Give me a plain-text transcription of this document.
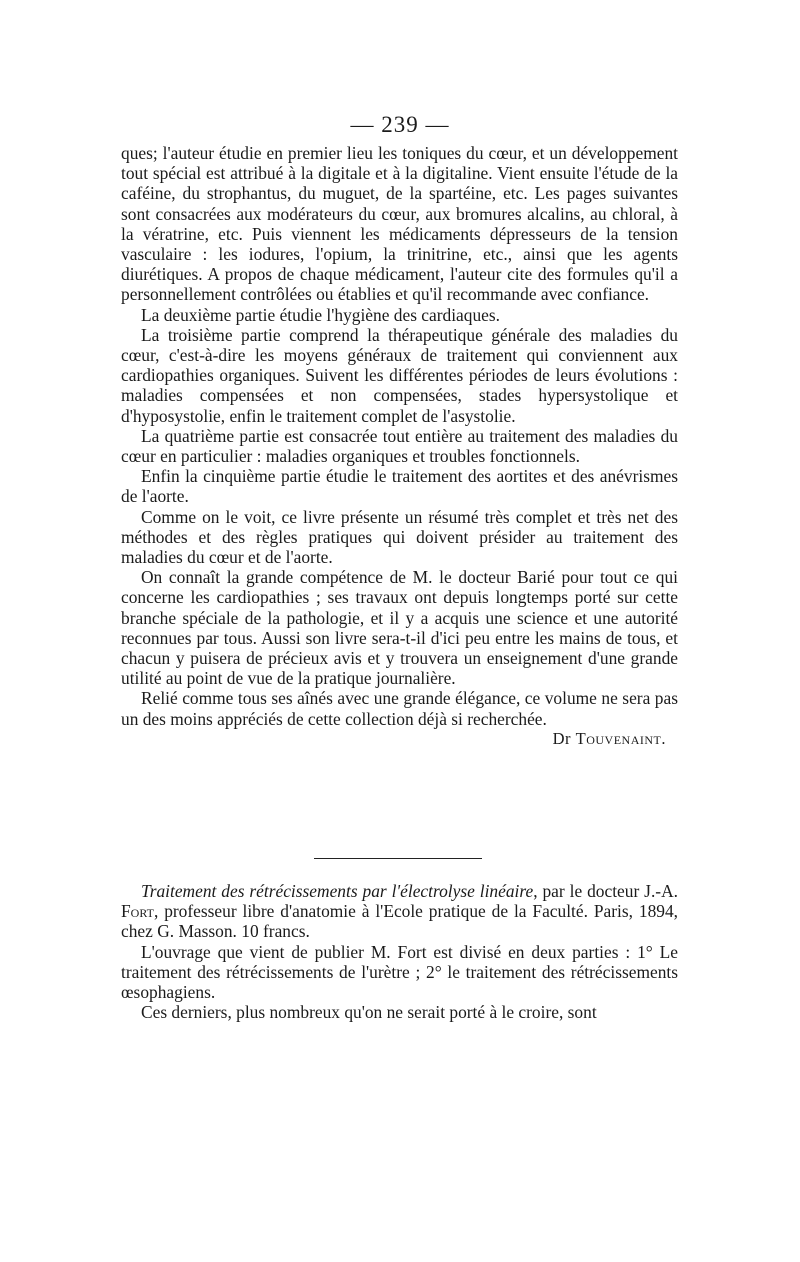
— 239 —

ques; l'auteur étudie en premier lieu les toniques du cœur, et un développement tout spécial est attribué à la digitale et à la digitaline. Vient ensuite l'étude de la caféine, du strophantus, du muguet, de la spartéine, etc. Les pages suivantes sont consacrées aux modérateurs du cœur, aux bromures alcalins, au chloral, à la vératrine, etc. Puis viennent les médicaments dépresseurs de la tension vasculaire : les iodures, l'opium, la trinitrine, etc., ainsi que les agents diurétiques. A propos de chaque médicament, l'auteur cite des formules qu'il a personnellement contrôlées ou établies et qu'il recommande avec confiance.

La deuxième partie étudie l'hygiène des cardiaques.

La troisième partie comprend la thérapeutique générale des maladies du cœur, c'est-à-dire les moyens généraux de traitement qui conviennent aux cardiopathies organiques. Suivent les différentes périodes de leurs évolutions : maladies compensées et non compensées, stades hypersystolique et d'hyposystolie, enfin le traitement complet de l'asystolie.

La quatrième partie est consacrée tout entière au traitement des maladies du cœur en particulier : maladies organiques et troubles fonctionnels.

Enfin la cinquième partie étudie le traitement des aortites et des anévrismes de l'aorte.

Comme on le voit, ce livre présente un résumé très complet et très net des méthodes et des règles pratiques qui doivent présider au traitement des maladies du cœur et de l'aorte.

On connaît la grande compétence de M. le docteur Barié pour tout ce qui concerne les cardiopathies ; ses travaux ont depuis longtemps porté sur cette branche spéciale de la pathologie, et il y a acquis une science et une autorité reconnues par tous. Aussi son livre sera-t-il d'ici peu entre les mains de tous, et chacun y puisera de précieux avis et y trouvera un enseignement d'une grande utilité au point de vue de la pratique journalière.

Relié comme tous ses aînés avec une grande élégance, ce volume ne sera pas un des moins appréciés de cette collection déjà si recherchée.

Dr Touvenaint.

Traitement des rétrécissements par l'électrolyse linéaire, par le docteur J.-A. Fort, professeur libre d'anatomie à l'Ecole pratique de la Faculté. Paris, 1894, chez G. Masson. 10 francs.

L'ouvrage que vient de publier M. Fort est divisé en deux parties : 1° Le traitement des rétrécissements de l'urètre ; 2° le traitement des rétrécissements œsophagiens.

Ces derniers, plus nombreux qu'on ne serait porté à le croire, sont
